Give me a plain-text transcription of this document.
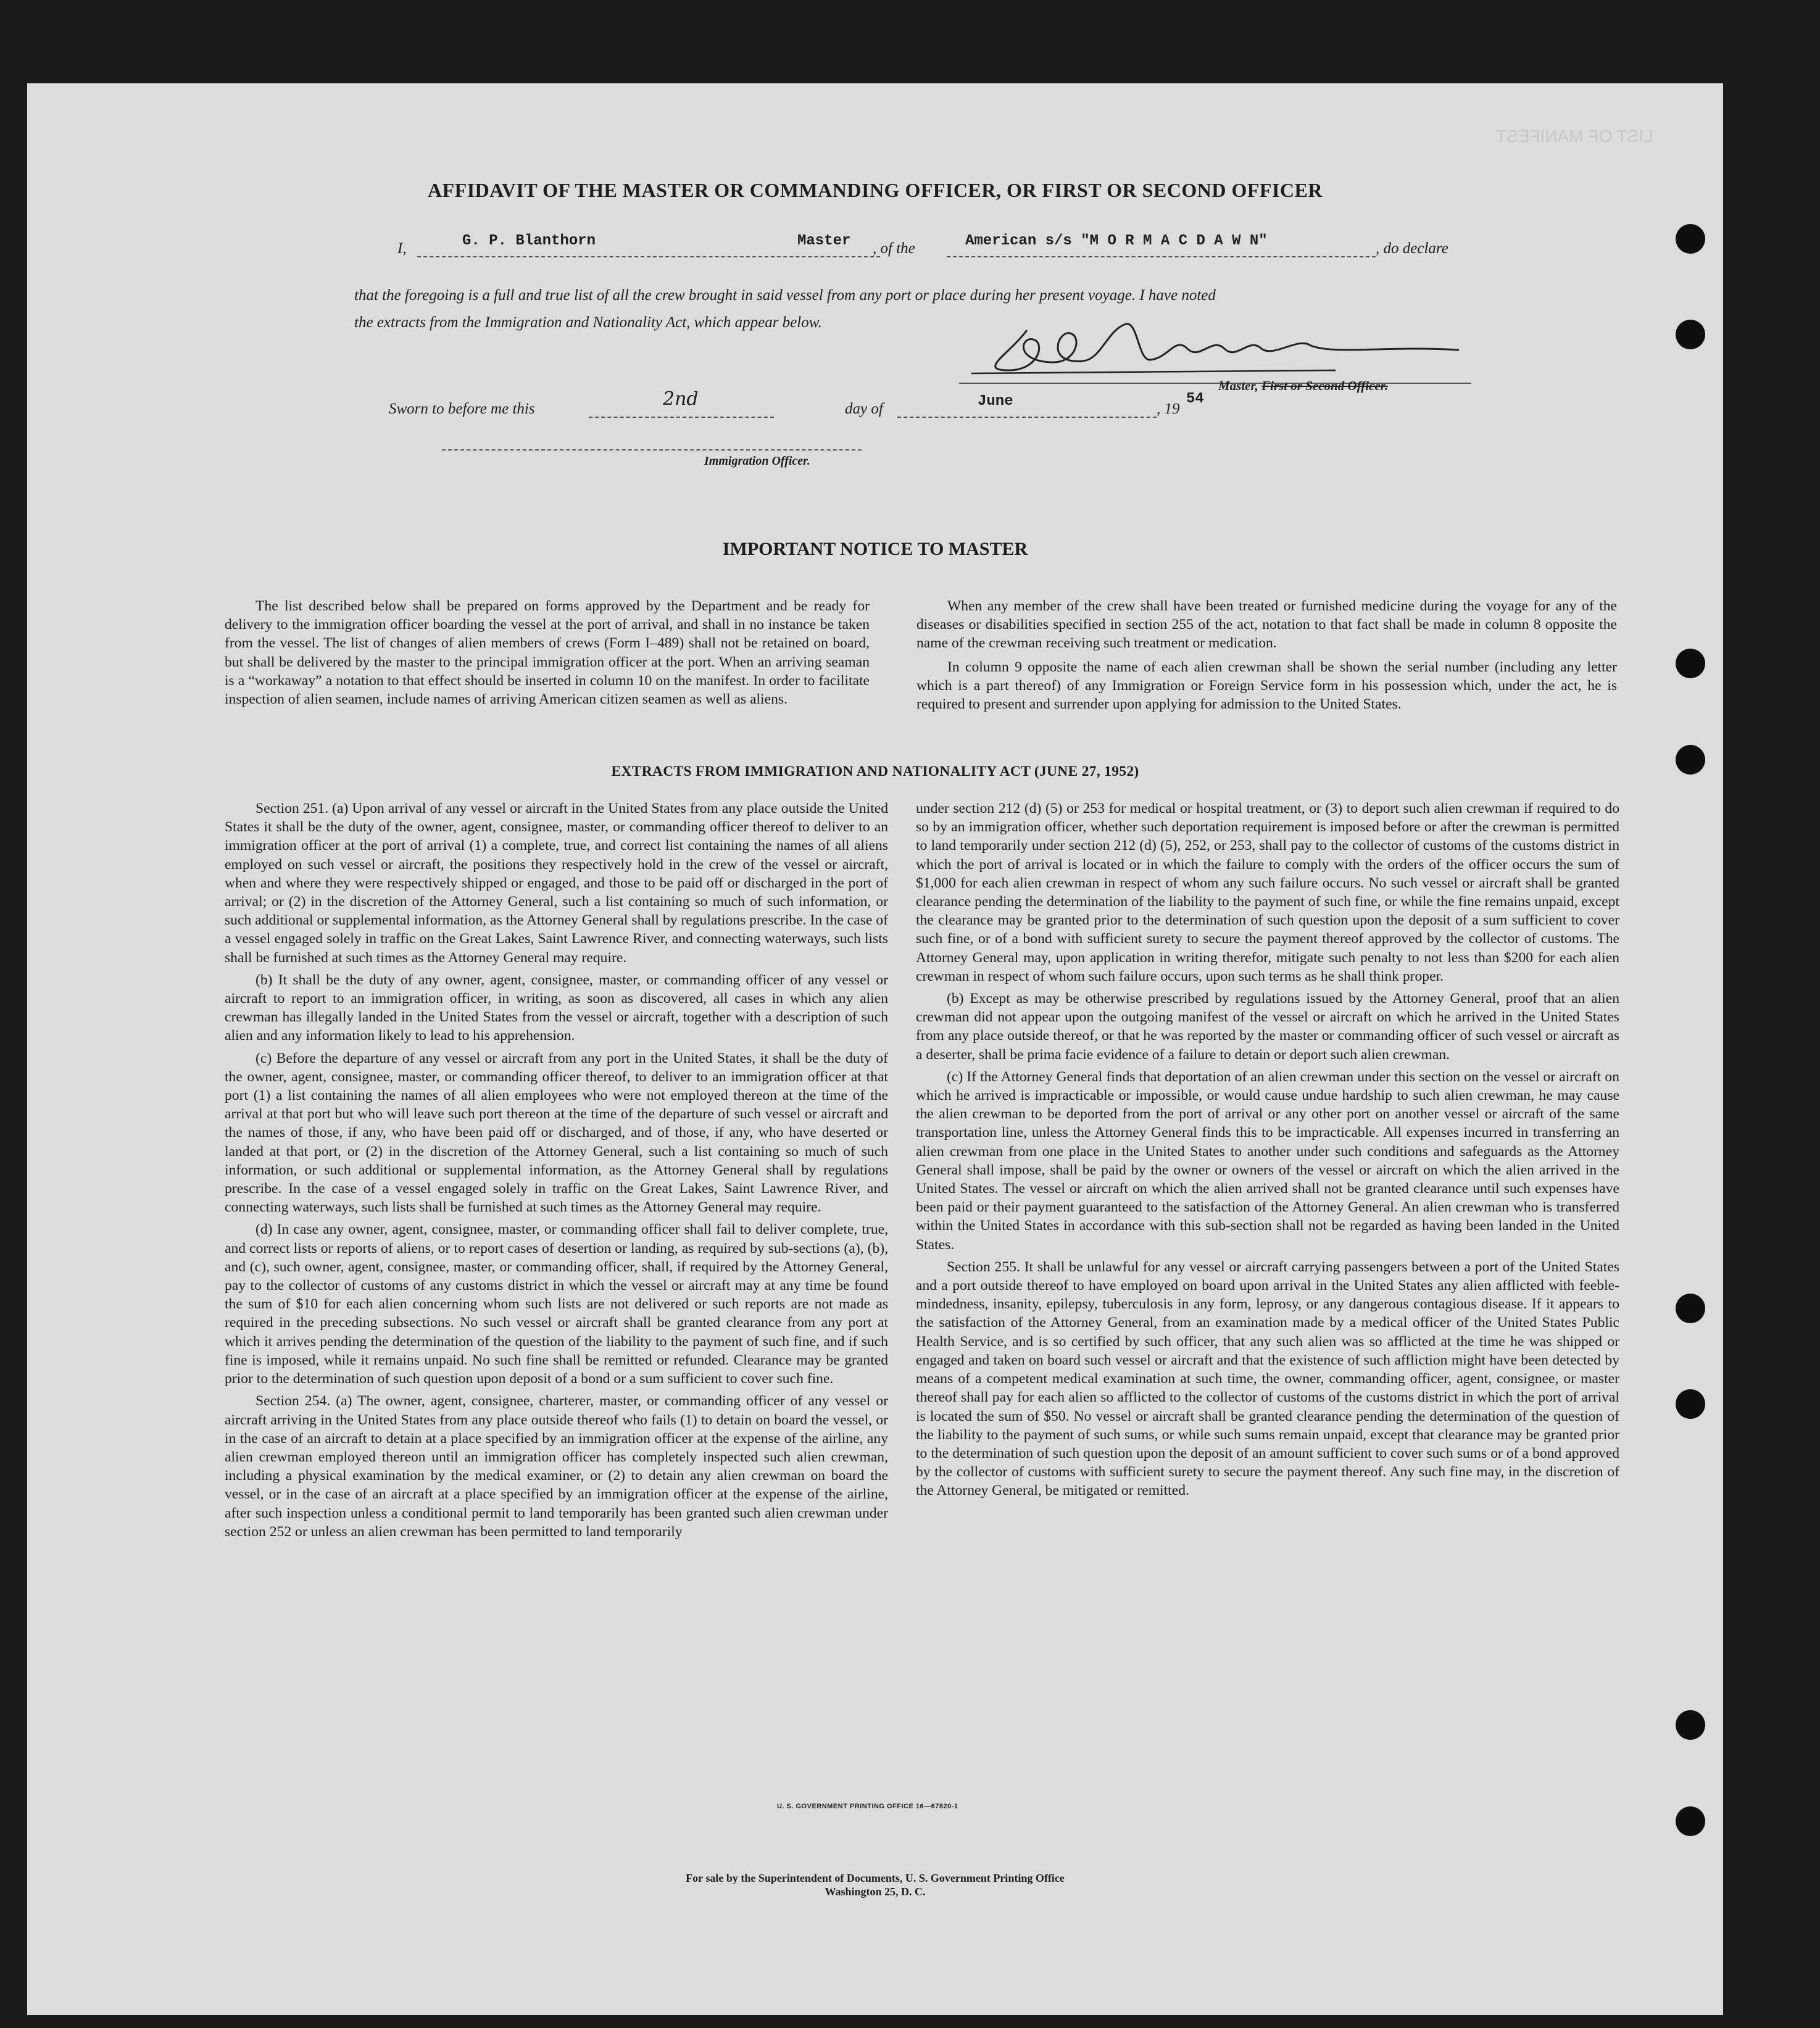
LIST OF MANIFEST
AFFIDAVIT OF THE MASTER OR COMMANDING OFFICER, OR FIRST OR SECOND OFFICER
I,	G. P. Blanthorn	Master , of the	American s/s "M O R M A C D A W N"	, do declare
that the foregoing is a full and true list of all the crew brought in said vessel from any port or place during her present voyage. I have noted
the extracts from the Immigration and Nationality Act, which appear below.
Master, First or Second Officer.
Sworn to before me this	2nd	day of	June	, 19
54
Immigration Officer.
IMPORTANT NOTICE TO MASTER

The list described below shall be prepared on forms approved by the Department and be ready for delivery to the immigration officer boarding the vessel at the port of arrival, and shall in no instance be taken from the vessel. The list of changes of alien members of crews (Form I–489) shall not be retained on board, but shall be delivered by the master to the principal immigration officer at the port. When an arriving seaman is a “workaway” a notation to that effect should be inserted in column 10 on the manifest. In order to facilitate inspection of alien seamen, include names of arriving American citizen seamen as well as aliens.

When any member of the crew shall have been treated or furnished medicine during the voyage for any of the diseases or disabilities specified in section 255 of the act, notation to that fact shall be made in column 8 opposite the name of the crewman receiving such treatment or medication.

In column 9 opposite the name of each alien crewman shall be shown the serial number (including any letter which is a part thereof) of any Immigration or Foreign Service form in his possession which, under the act, he is required to present and surrender upon applying for admission to the United States.

EXTRACTS FROM IMMIGRATION AND NATIONALITY ACT (JUNE 27, 1952)

Section 251. (a) Upon arrival of any vessel or aircraft in the United States from any place outside the United States it shall be the duty of the owner, agent, consignee, master, or commanding officer thereof to deliver to an immigration officer at the port of arrival (1) a complete, true, and correct list containing the names of all aliens employed on such vessel or aircraft, the positions they respectively hold in the crew of the vessel or aircraft, when and where they were respectively shipped or engaged, and those to be paid off or discharged in the port of arrival; or (2) in the discretion of the Attorney General, such a list containing so much of such information, or such additional or supplemental information, as the Attorney General shall by regulations prescribe. In the case of a vessel engaged solely in traffic on the Great Lakes, Saint Lawrence River, and connecting waterways, such lists shall be furnished at such times as the Attorney General may require.

(b) It shall be the duty of any owner, agent, consignee, master, or commanding officer of any vessel or aircraft to report to an immigration officer, in writing, as soon as discovered, all cases in which any alien crewman has illegally landed in the United States from the vessel or aircraft, together with a description of such alien and any information likely to lead to his apprehension.

(c) Before the departure of any vessel or aircraft from any port in the United States, it shall be the duty of the owner, agent, consignee, master, or commanding officer thereof, to deliver to an immigration officer at that port (1) a list containing the names of all alien employees who were not employed thereon at the time of the arrival at that port but who will leave such port thereon at the time of the departure of such vessel or aircraft and the names of those, if any, who have been paid off or discharged, and of those, if any, who have deserted or landed at that port, or (2) in the discretion of the Attorney General, such a list containing so much of such information, or such additional or supplemental information, as the Attorney General shall by regulations prescribe. In the case of a vessel engaged solely in traffic on the Great Lakes, Saint Lawrence River, and connecting waterways, such lists shall be furnished at such times as the Attorney General may require.

(d) In case any owner, agent, consignee, master, or commanding officer shall fail to deliver complete, true, and correct lists or reports of aliens, or to report cases of desertion or landing, as required by sub-sections (a), (b), and (c), such owner, agent, consignee, master, or commanding officer, shall, if required by the Attorney General, pay to the collector of customs of any customs district in which the vessel or aircraft may at any time be found the sum of $10 for each alien concerning whom such lists are not delivered or such reports are not made as required in the preceding subsections. No such vessel or aircraft shall be granted clearance from any port at which it arrives pending the determination of the question of the liability to the payment of such fine, and if such fine is imposed, while it remains unpaid. No such fine shall be remitted or refunded. Clearance may be granted prior to the determination of such question upon deposit of a bond or a sum sufficient to cover such fine.

Section 254. (a) The owner, agent, consignee, charterer, master, or commanding officer of any vessel or aircraft arriving in the United States from any place outside thereof who fails (1) to detain on board the vessel, or in the case of an aircraft to detain at a place specified by an immigration officer at the expense of the airline, any alien crewman employed thereon until an immigration officer has completely inspected such alien crewman, including a physical examination by the medical examiner, or (2) to detain any alien crewman on board the vessel, or in the case of an aircraft at a place specified by an immigration officer at the expense of the airline, after such inspection unless a conditional permit to land temporarily has been granted such alien crewman under section 252 or unless an alien crewman has been permitted to land temporarily

under section 212 (d) (5) or 253 for medical or hospital treatment, or (3) to deport such alien crewman if required to do so by an immigration officer, whether such deportation requirement is imposed before or after the crewman is permitted to land temporarily under section 212 (d) (5), 252, or 253, shall pay to the collector of customs of the customs district in which the port of arrival is located or in which the failure to comply with the orders of the officer occurs the sum of $1,000 for each alien crewman in respect of whom any such failure occurs. No such vessel or aircraft shall be granted clearance pending the determination of the liability to the payment of such fine, or while the fine remains unpaid, except the clearance may be granted prior to the determination of such question upon the deposit of a sum sufficient to cover such fine, or of a bond with sufficient surety to secure the payment thereof approved by the collector of customs. The Attorney General may, upon application in writing therefor, mitigate such penalty to not less than $200 for each alien crewman in respect of whom such failure occurs, upon such terms as he shall think proper.

(b) Except as may be otherwise prescribed by regulations issued by the Attorney General, proof that an alien crewman did not appear upon the outgoing manifest of the vessel or aircraft on which he arrived in the United States from any place outside thereof, or that he was reported by the master or commanding officer of such vessel or aircraft as a deserter, shall be prima facie evidence of a failure to detain or deport such alien crewman.

(c) If the Attorney General finds that deportation of an alien crewman under this section on the vessel or aircraft on which he arrived is impracticable or impossible, or would cause undue hardship to such alien crewman, he may cause the alien crewman to be deported from the port of arrival or any other port on another vessel or aircraft of the same transportation line, unless the Attorney General finds this to be impracticable. All expenses incurred in transferring an alien crewman from one place in the United States to another under such conditions and safeguards as the Attorney General shall impose, shall be paid by the owner or owners of the vessel or aircraft on which the alien arrived in the United States. The vessel or aircraft on which the alien arrived shall not be granted clearance until such expenses have been paid or their payment guaranteed to the satisfaction of the Attorney General. An alien crewman who is transferred within the United States in accordance with this sub-section shall not be regarded as having been landed in the United States.

Section 255. It shall be unlawful for any vessel or aircraft carrying passengers between a port of the United States and a port outside thereof to have employed on board upon arrival in the United States any alien afflicted with feeble-mindedness, insanity, epilepsy, tuberculosis in any form, leprosy, or any dangerous contagious disease. If it appears to the satisfaction of the Attorney General, from an examination made by a medical officer of the United States Public Health Service, and is so certified by such officer, that any such alien was so afflicted at the time he was shipped or engaged and taken on board such vessel or aircraft and that the existence of such affliction might have been detected by means of a competent medical examination at such time, the owner, commanding officer, agent, consignee, or master thereof shall pay for each alien so afflicted to the collector of customs of the customs district in which the port of arrival is located the sum of $50. No vessel or aircraft shall be granted clearance pending the determination of the question of the liability to the payment of such sums, or while such sums remain unpaid, except that clearance may be granted prior to the determination of such question upon the deposit of an amount sufficient to cover such sums or of a bond approved by the collector of customs with sufficient surety to secure the payment thereof. Any such fine may, in the discretion of the Attorney General, be mitigated or remitted.

U. S. GOVERNMENT PRINTING OFFICE 16—67820-1
For sale by the Superintendent of Documents, U. S. Government Printing Office
Washington 25, D. C.
